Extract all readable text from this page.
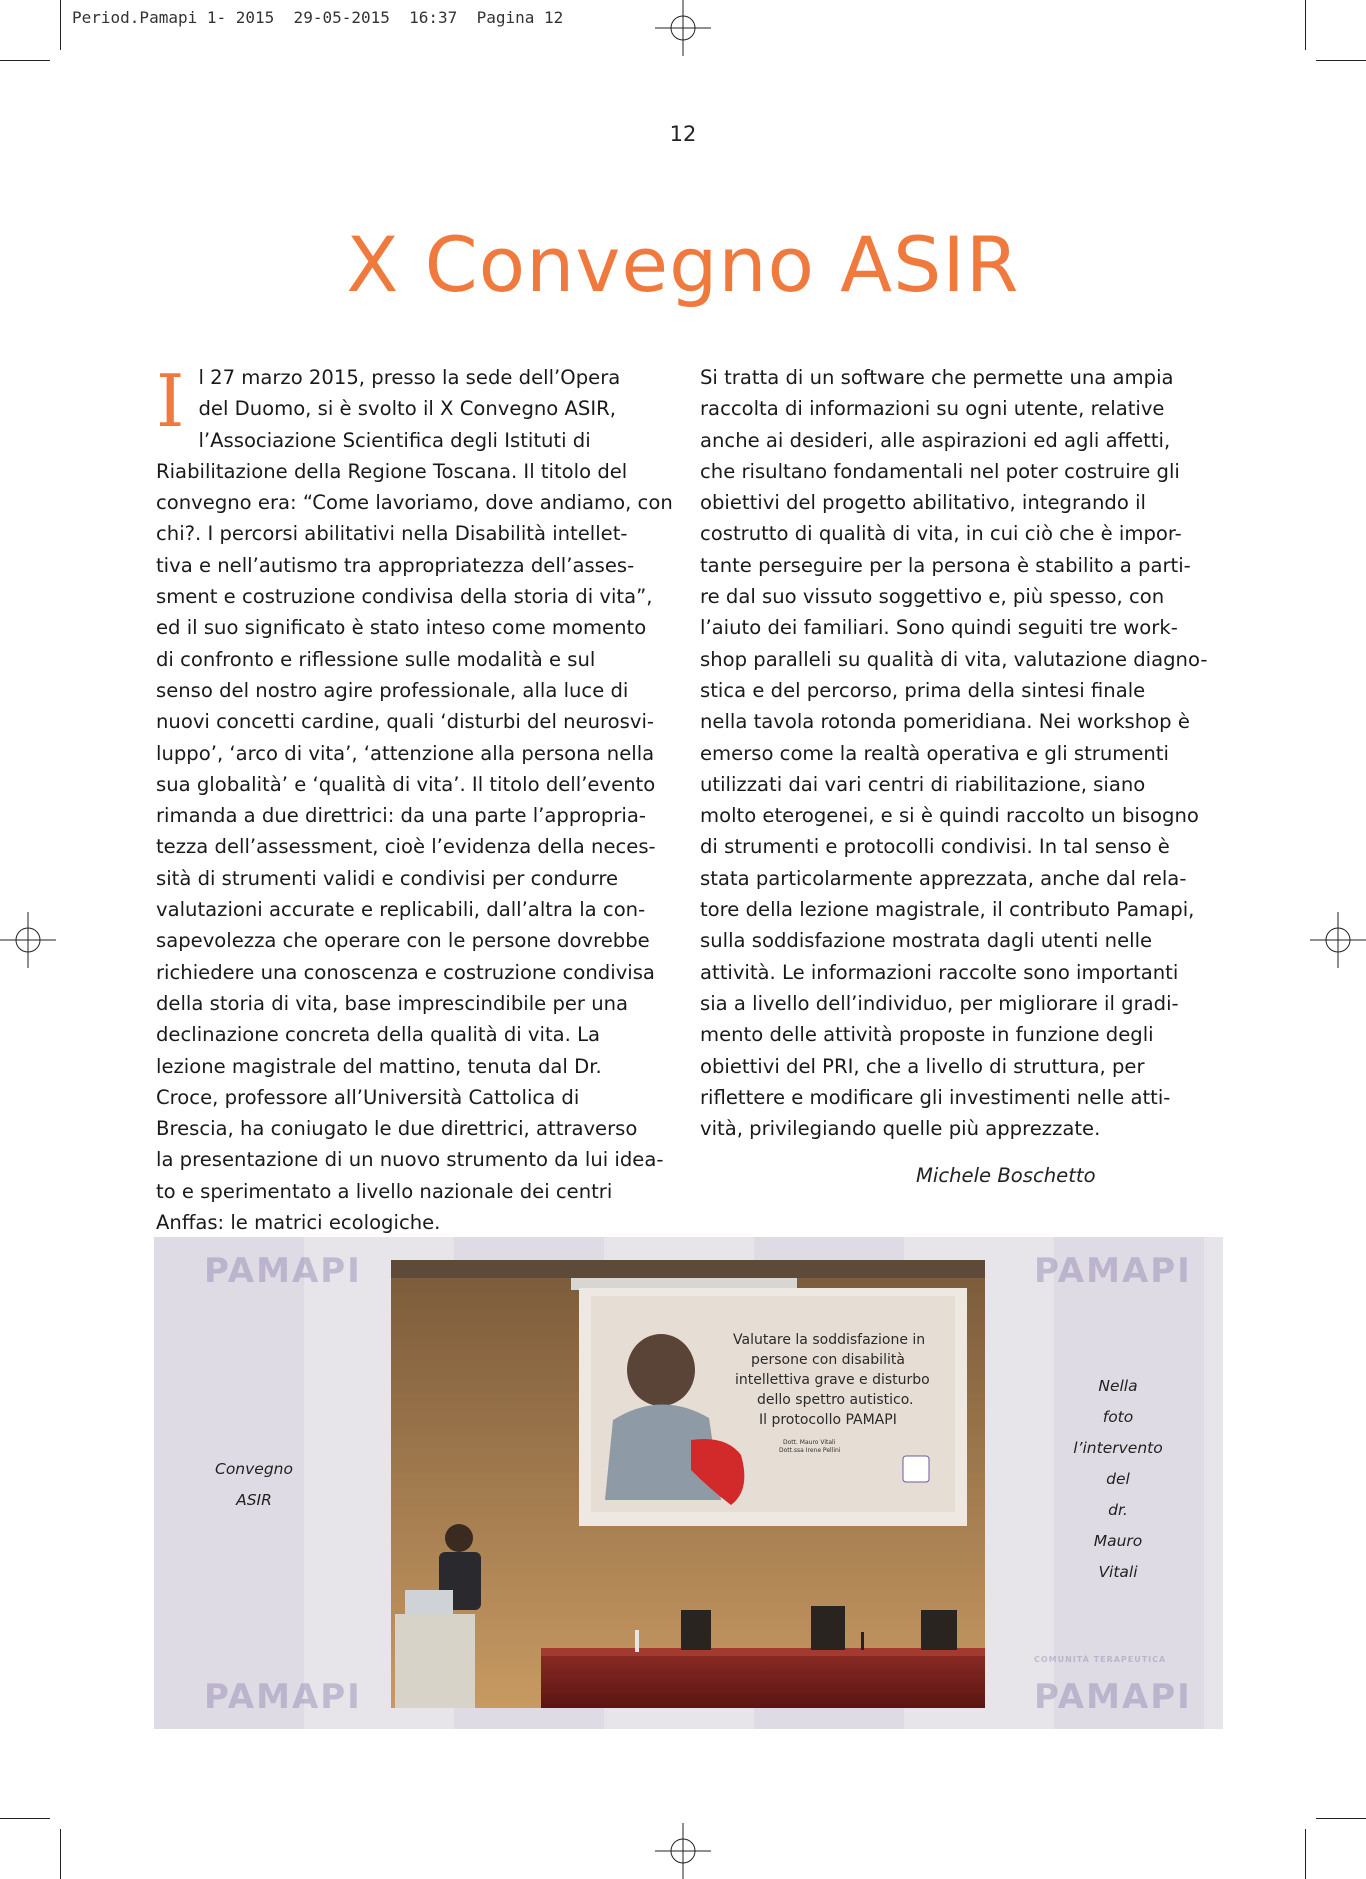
Period.Pamapi 1- 2015  29-05-2015  16:37  Pagina 12
12
X Convegno ASIR
Il 27 marzo 2015, presso la sede dell’Opera
del Duomo, si è svolto il X Convegno ASIR,
l’Associazione Scientifica degli Istituti di
Riabilitazione della Regione Toscana. Il titolo del
convegno era: “Come lavoriamo, dove andiamo, con
chi?. I percorsi abilitativi nella Disabilità intellet-
tiva e nell’autismo tra appropriatezza dell’asses-
sment e costruzione condivisa della storia di vita”,
ed il suo significato è stato inteso come momento
di confronto e riflessione sulle modalità e sul
senso del nostro agire professionale, alla luce di
nuovi concetti cardine, quali ‘disturbi del neurosvi-
luppo’, ‘arco di vita’, ‘attenzione alla persona nella
sua globalità’ e ‘qualità di vita’. Il titolo dell’evento
rimanda a due direttrici: da una parte l’appropria-
tezza dell’assessment, cioè l’evidenza della neces-
sità di strumenti validi e condivisi per condurre
valutazioni accurate e replicabili, dall’altra la con-
sapevolezza che operare con le persone dovrebbe
richiedere una conoscenza e costruzione condivisa
della storia di vita, base imprescindibile per una
declinazione concreta della qualità di vita. La
lezione magistrale del mattino, tenuta dal Dr.
Croce, professore all’Università Cattolica di
Brescia, ha coniugato le due direttrici, attraverso
la presentazione di un nuovo strumento da lui idea-
to e sperimentato a livello nazionale dei centri
Anffas: le matrici ecologiche.
Si tratta di un software che permette una ampia
raccolta di informazioni su ogni utente, relative
anche ai desideri, alle aspirazioni ed agli affetti,
che risultano fondamentali nel poter costruire gli
obiettivi del progetto abilitativo, integrando il
costrutto di qualità di vita, in cui ciò che è impor-
tante perseguire per la persona è stabilito a parti-
re dal suo vissuto soggettivo e, più spesso, con
l’aiuto dei familiari. Sono quindi seguiti tre work-
shop paralleli su qualità di vita, valutazione diagno-
stica e del percorso, prima della sintesi finale
nella tavola rotonda pomeridiana. Nei workshop è
emerso come la realtà operativa e gli strumenti
utilizzati dai vari centri di riabilitazione, siano
molto eterogenei, e si è quindi raccolto un bisogno
di strumenti e protocolli condivisi. In tal senso è
stata particolarmente apprezzata, anche dal rela-
tore della lezione magistrale, il contributo Pamapi,
sulla soddisfazione mostrata dagli utenti nelle
attività. Le informazioni raccolte sono importanti
sia a livello dell’individuo, per migliorare il gradi-
mento delle attività proposte in funzione degli
obiettivi del PRI, che a livello di struttura, per
riflettere e modificare gli investimenti nelle atti-
vità, privilegiando quelle più apprezzate.
Michele Boschetto
PAMAPI	PAMAPI
PAMAPI	PAMAPI
COMUNITÀ TERAPEUTICA
Convegno
ASIR
Nella
foto
l’intervento
del
dr.
Mauro
Vitali
Valutare la soddisfazione in
persone con disabilità
intellettiva grave e disturbo
dello spettro autistico.
Il protocollo PAMAPI
Dott. Mauro Vitali
Dott.ssa Irene Pellini
